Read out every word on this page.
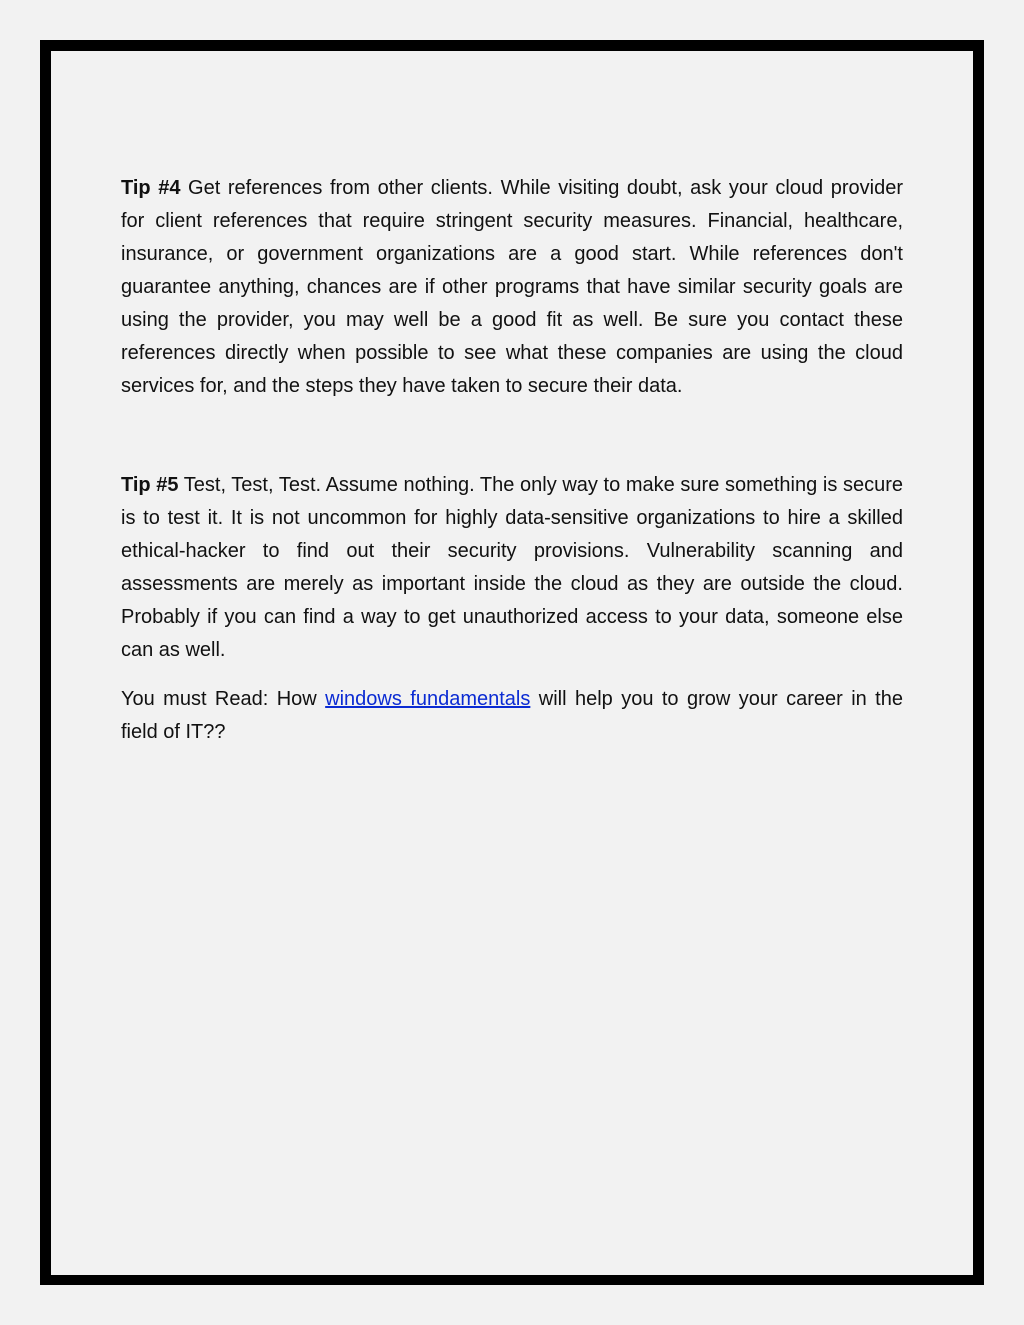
Tip #4 Get references from other clients. While visiting doubt, ask your cloud provider for client references that require stringent security measures. Financial, healthcare, insurance, or government organizations are a good start. While references don't guarantee anything, chances are if other programs that have similar security goals are using the provider, you may well be a good fit as well. Be sure you contact these references directly when possible to see what these companies are using the cloud services for, and the steps they have taken to secure their data.

Tip #5 Test, Test, Test. Assume nothing. The only way to make sure something is secure is to test it. It is not uncommon for highly data-sensitive organizations to hire a skilled ethical-hacker to find out their security provisions. Vulnerability scanning and assessments are merely as important inside the cloud as they are outside the cloud. Probably if you can find a way to get unauthorized access to your data, someone else can as well.

You must Read: How windows fundamentals will help you to grow your career in the field of IT??
